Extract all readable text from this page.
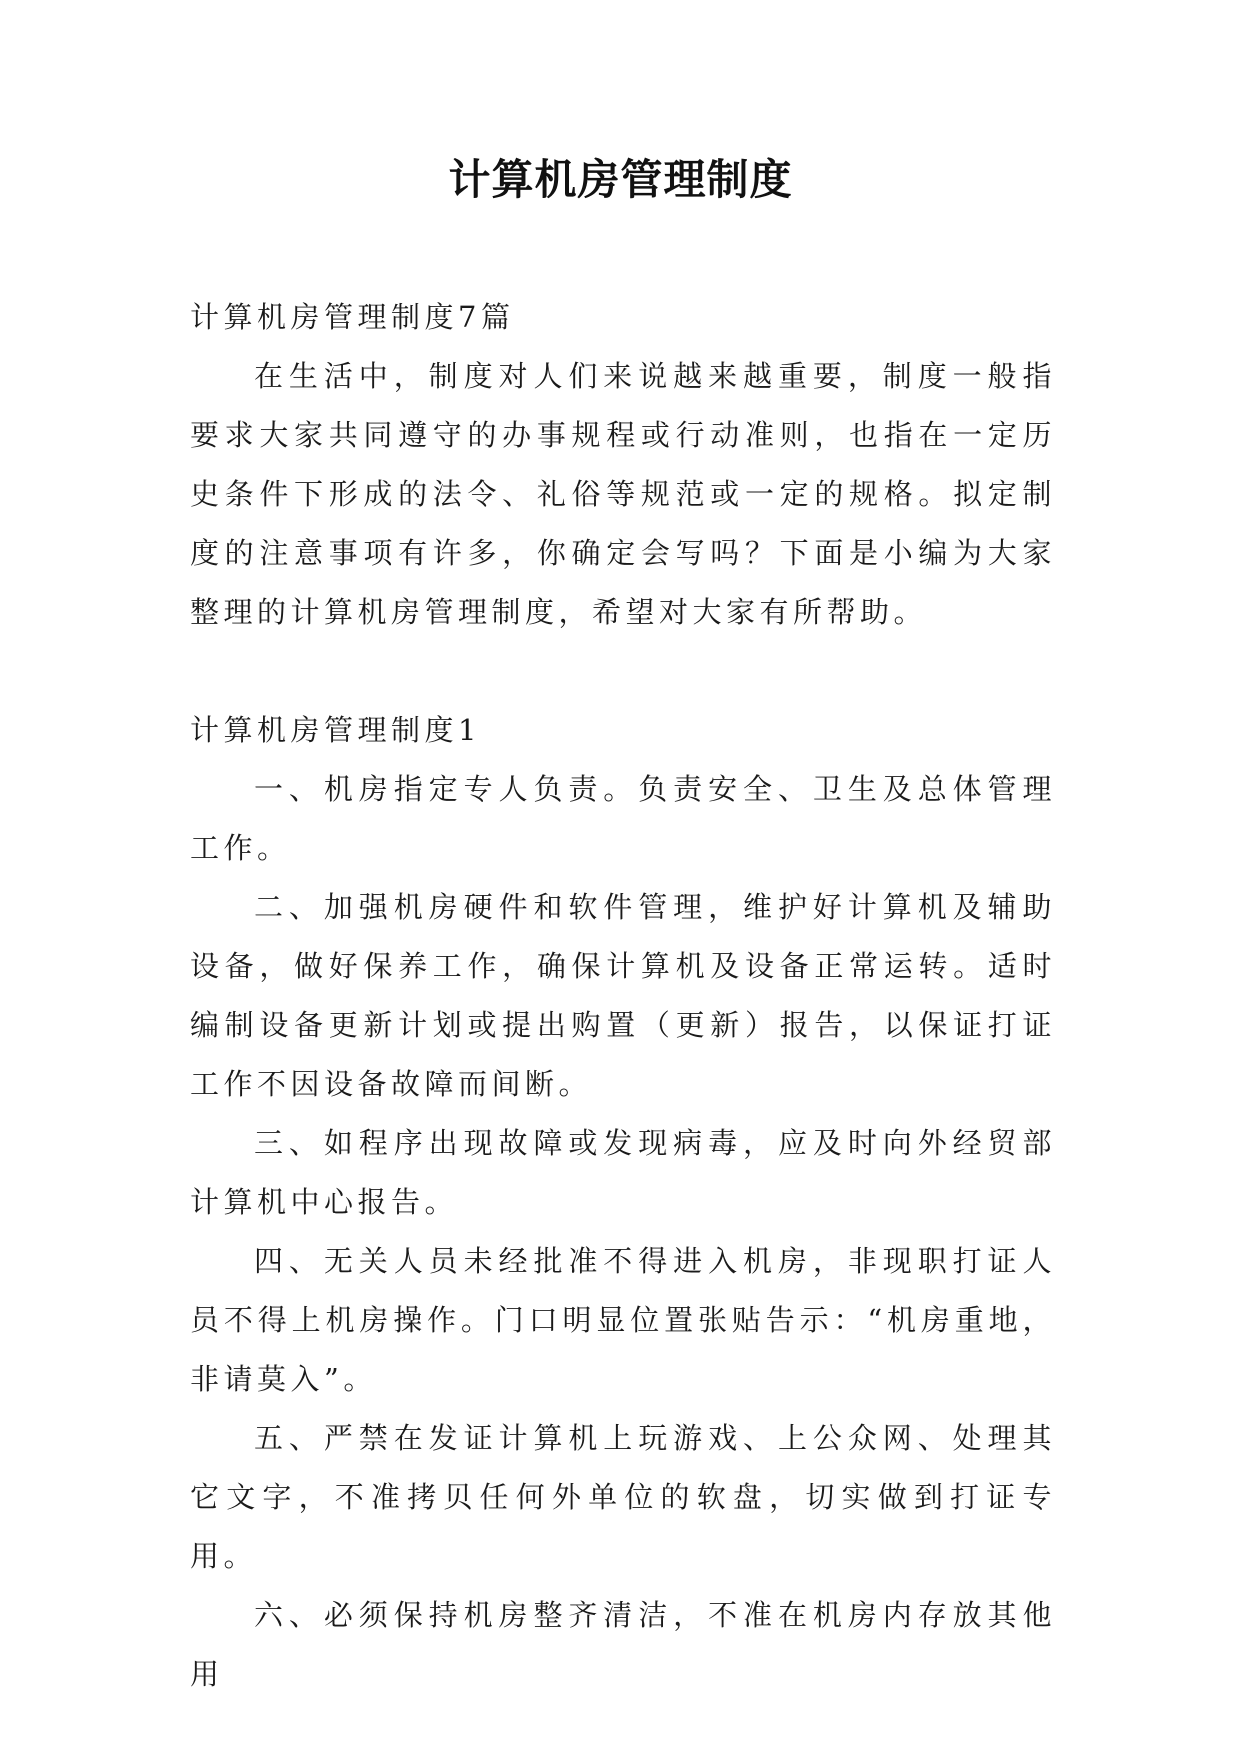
计算机房管理制度

计算机房管理制度7篇

在生活中，制度对人们来说越来越重要，制度一般指要求大家共同遵守的办事规程或行动准则，也指在一定历史条件下形成的法令、礼俗等规范或一定的规格。拟定制度的注意事项有许多，你确定会写吗？下面是小编为大家整理的计算机房管理制度，希望对大家有所帮助。

计算机房管理制度1

一、机房指定专人负责。负责安全、卫生及总体管理工作。

二、加强机房硬件和软件管理，维护好计算机及辅助设备，做好保养工作，确保计算机及设备正常运转。适时编制设备更新计划或提出购置（更新）报告，以保证打证工作不因设备故障而间断。

三、如程序出现故障或发现病毒，应及时向外经贸部计算机中心报告。

四、无关人员未经批准不得进入机房，非现职打证人员不得上机房操作。门口明显位置张贴告示：“机房重地，非请莫入”。

五、严禁在发证计算机上玩游戏、上公众网、处理其它文字，不准拷贝任何外单位的软盘，切实做到打证专用。

六、必须保持机房整齐清洁，不准在机房内存放其他用
